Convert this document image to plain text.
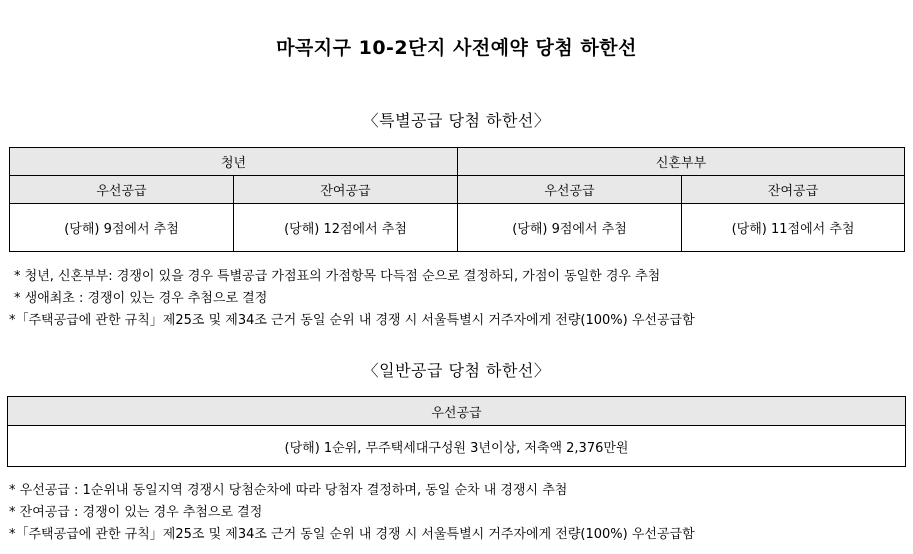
마곡지구 10-2단지 사전예약 당첨 하한선
〈특별공급 당첨 하한선〉
청년		신혼부부	
우선공급	잔여공급	우선공급	잔여공급
(당해) 9점에서 추첨	(당해) 12점에서 추첨	(당해) 9점에서 추첨	(당해) 11점에서 추첨
* 청년, 신혼부부: 경쟁이 있을 경우 특별공급 가점표의 가점항목 다득점 순으로 결정하되, 가점이 동일한 경우 추첨
* 생애최초 : 경쟁이 있는 경우 추첨으로 결정
*「주택공급에 관한 규칙」제25조 및 제34조 근거 동일 순위 내 경쟁 시 서울특별시 거주자에게 전량(100%) 우선공급함
〈일반공급 당첨 하한선〉
우선공급
(당해) 1순위, 무주택세대구성원 3년이상, 저축액 2,376만원
* 우선공급 : 1순위내 동일지역 경쟁시 당첨순차에 따라 당첨자 결정하며, 동일 순차 내 경쟁시 추첨
* 잔여공급 : 경쟁이 있는 경우 추첨으로 결정
*「주택공급에 관한 규칙」제25조 및 제34조 근거 동일 순위 내 경쟁 시 서울특별시 거주자에게 전량(100%) 우선공급함
